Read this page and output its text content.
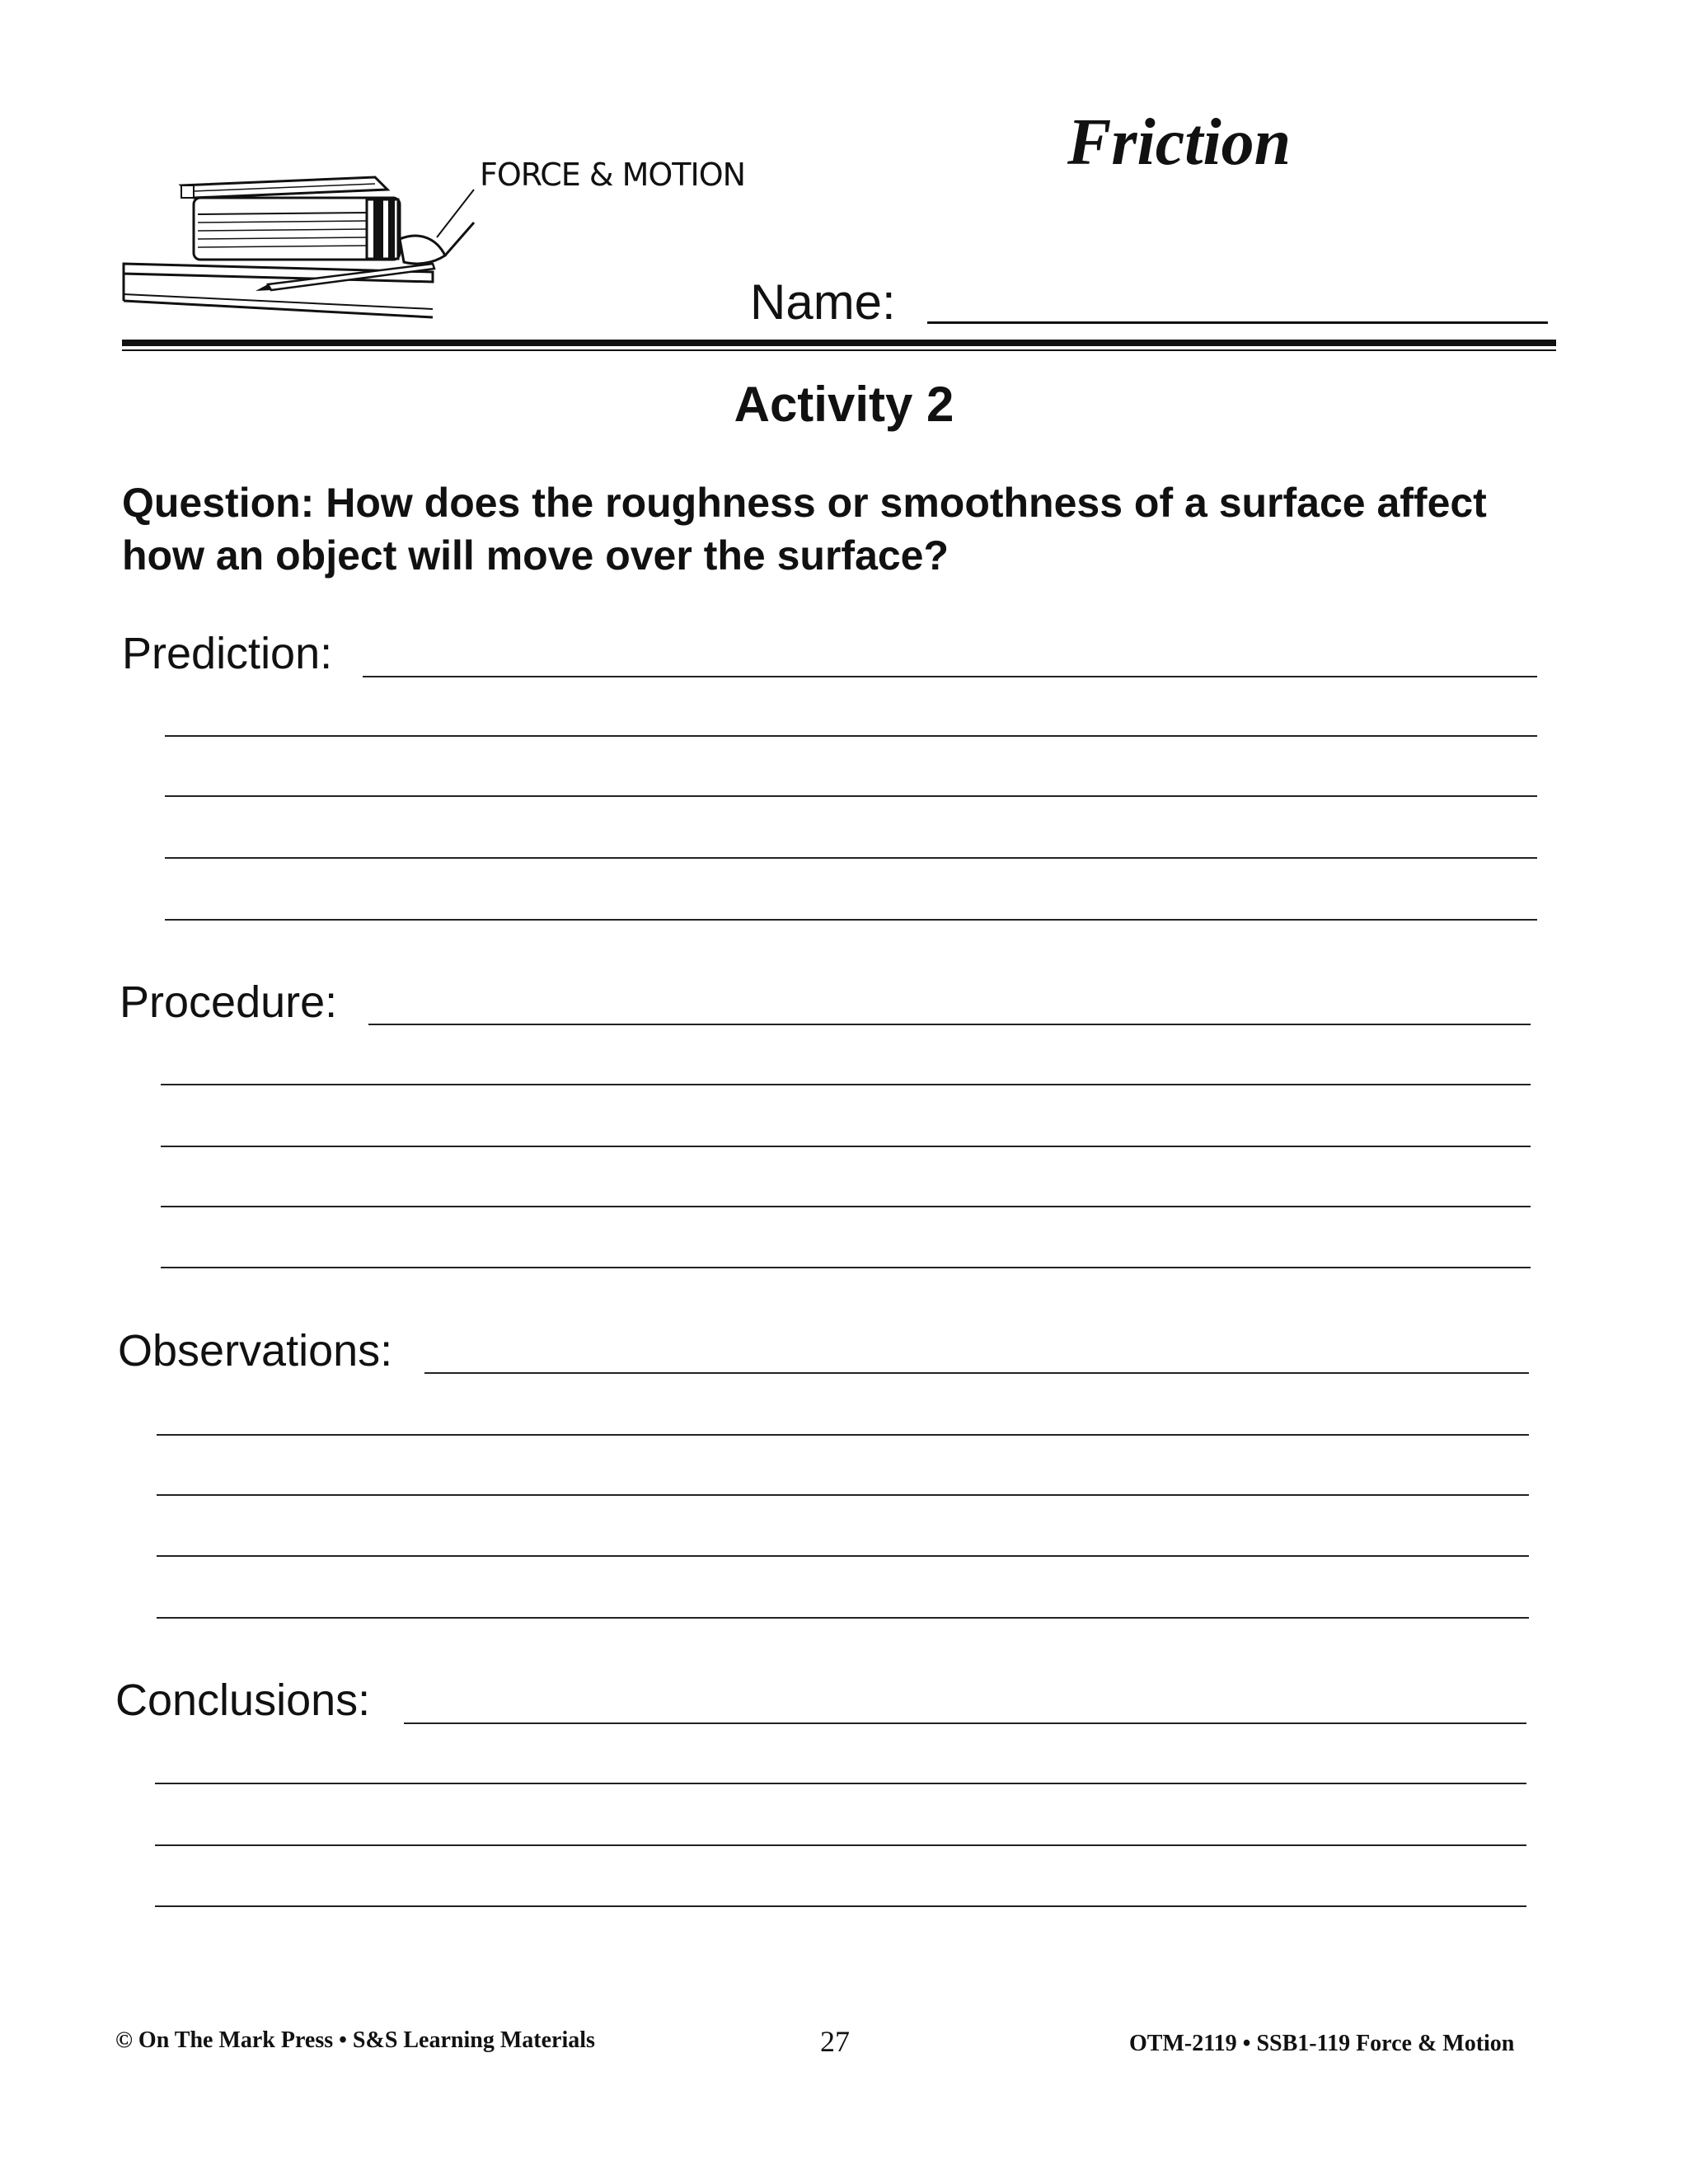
FORCE & MOTION	Friction
Name:
Activity 2
Question: How does the roughness or smoothness of a surface affect how an object will move over the surface?
Prediction:
Procedure:
Observations:
Conclusions:
© On The Mark Press • S&S Learning Materials	27	OTM-2119 • SSB1-119 Force & Motion
